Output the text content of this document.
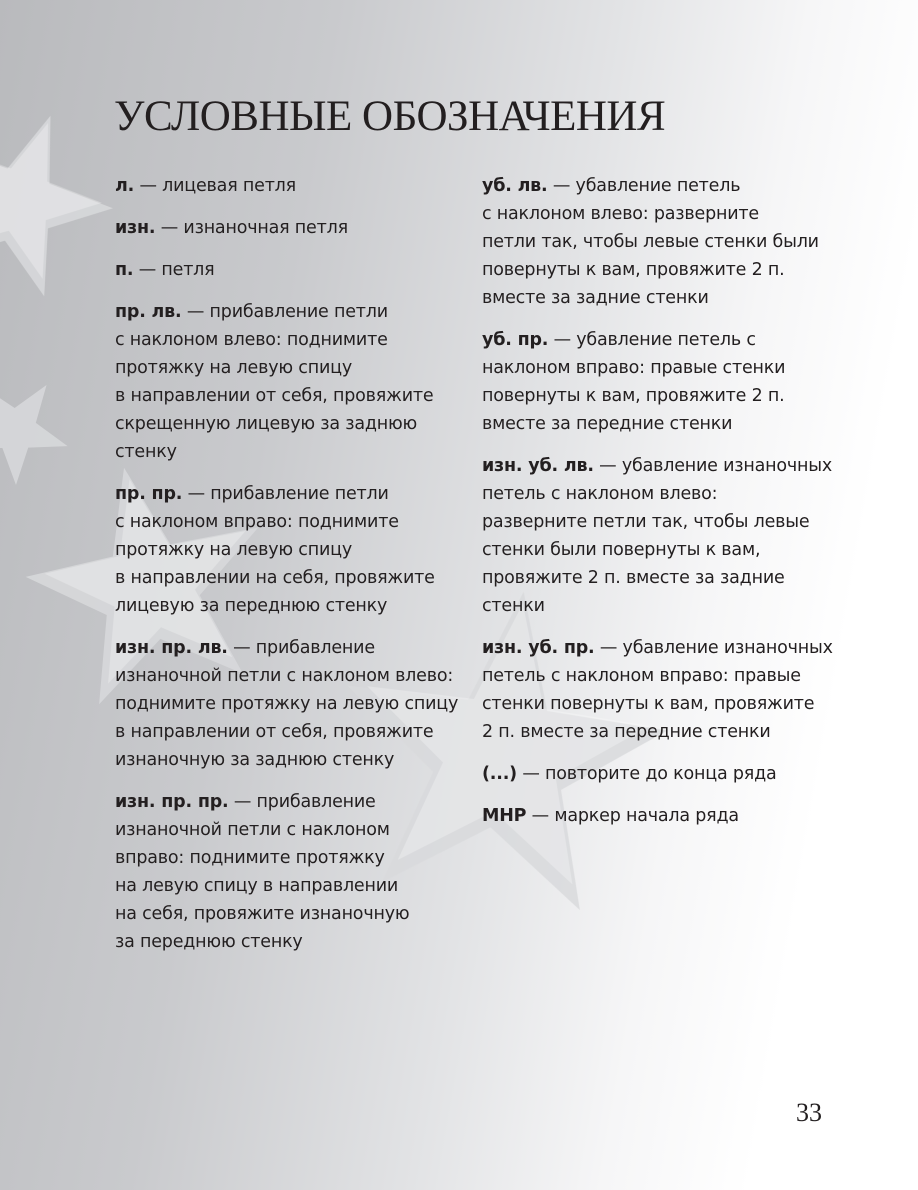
УСЛОВНЫЕ ОБОЗНАЧЕНИЯ

л. — лицевая петля

изн. — изнаночная петля

п. — петля

пр. лв. — прибавление петли
с наклоном влево: поднимите
протяжку на левую спицу
в направлении от себя, провяжите
скрещенную лицевую за заднюю
стенку

пр. пр. — прибавление петли
с наклоном вправо: поднимите
протяжку на левую спицу
в направлении на себя, провяжите
лицевую за переднюю стенку

изн. пр. лв. — прибавление
изнаночной петли с наклоном влево:
поднимите протяжку на левую спицу
в направлении от себя, провяжите
изнаночную за заднюю стенку

изн. пр. пр. — прибавление
изнаночной петли с наклоном
вправо: поднимите протяжку
на левую спицу в направлении
на себя, провяжите изнаночную
за переднюю стенку

уб. лв. — убавление петель
с наклоном влево: разверните
петли так, чтобы левые стенки были
повернуты к вам, провяжите 2 п.
вместе за задние стенки

уб. пр. — убавление петель с
наклоном вправо: правые стенки
повернуты к вам, провяжите 2 п.
вместе за передние стенки

изн. уб. лв. — убавление изнаночных
петель с наклоном влево:
разверните петли так, чтобы левые
стенки были повернуты к вам,
провяжите 2 п. вместе за задние
стенки

изн. уб. пр. — убавление изнаночных
петель с наклоном вправо: правые
стенки повернуты к вам, провяжите
2 п. вместе за передние стенки

(...) — повторите до конца ряда

МНР — маркер начала ряда

33
